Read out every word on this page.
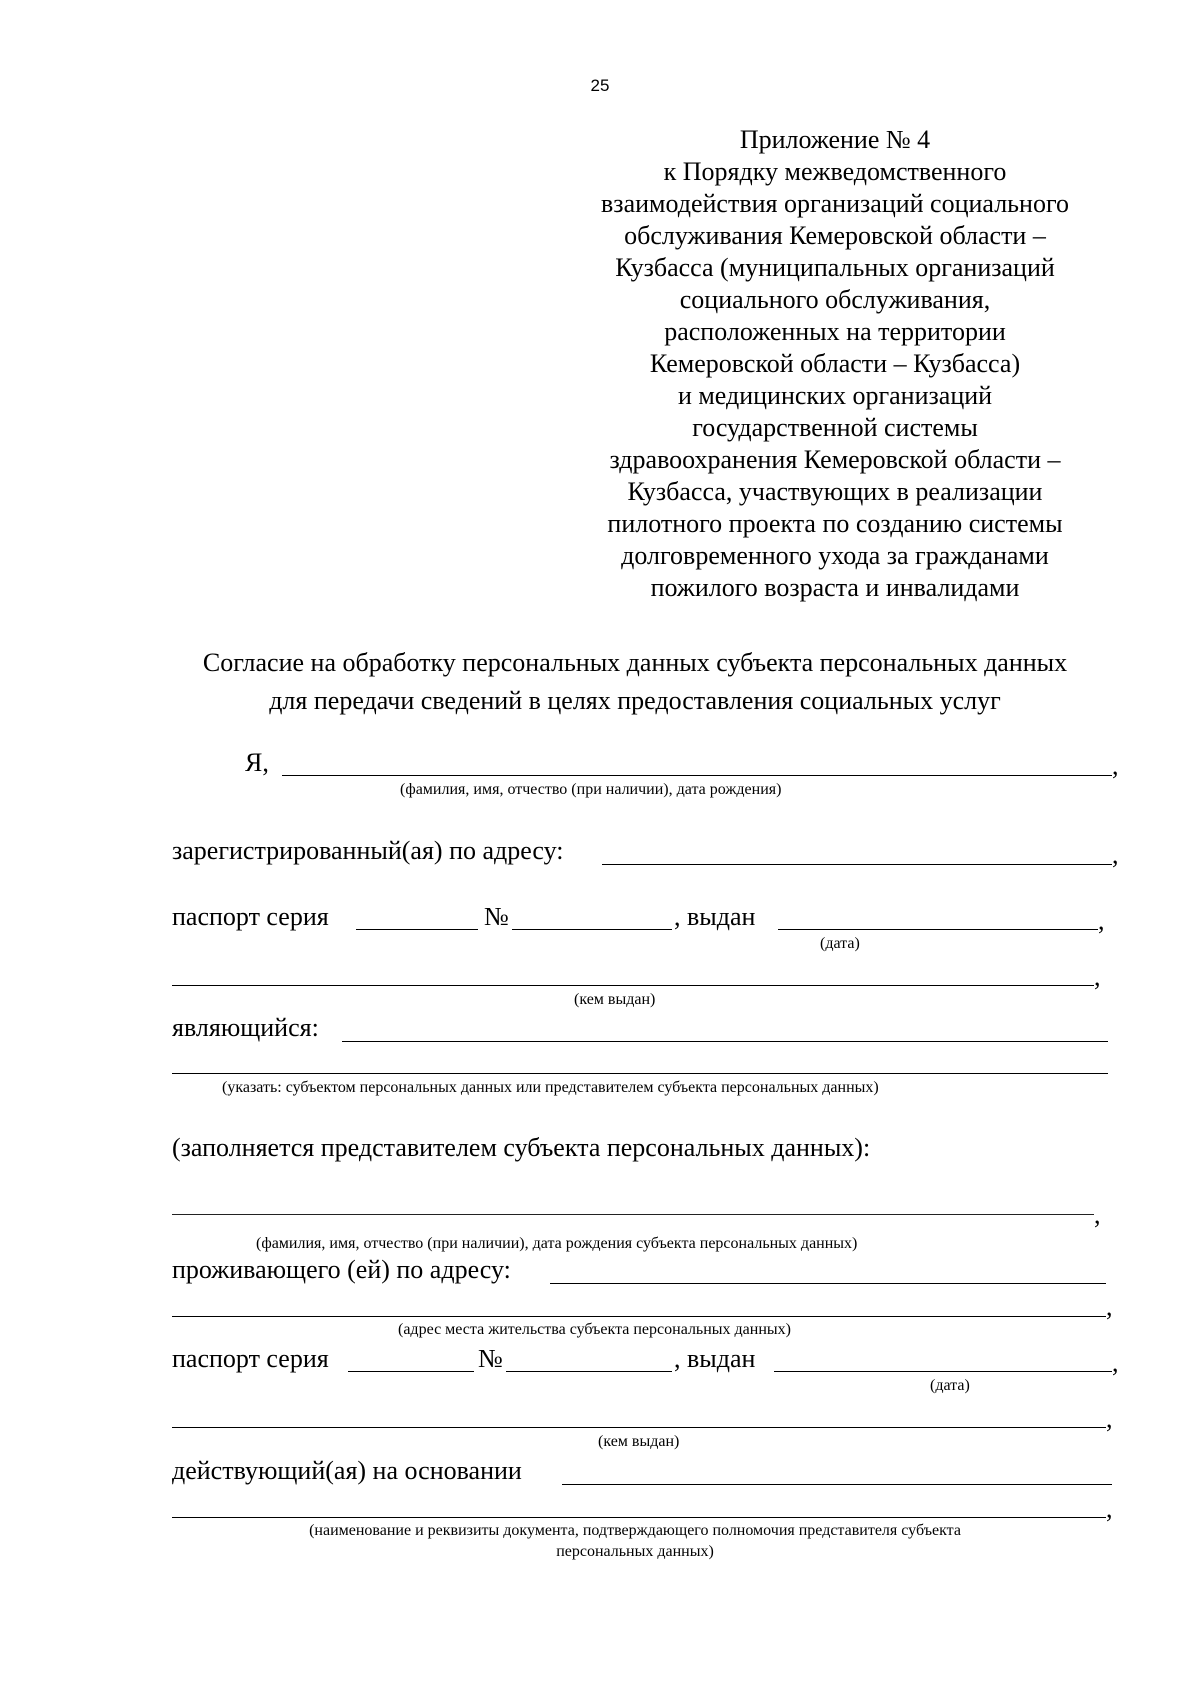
25
Приложение № 4
к Порядку межведомственного
взаимодействия организаций социального
обслуживания Кемеровской области –
Кузбасса (муниципальных организаций
социального обслуживания,
расположенных на территории
Кемеровской области – Кузбасса)
и медицинских организаций
государственной системы
здравоохранения Кемеровской области –
Кузбасса, участвующих в реализации
пилотного проекта по созданию системы
долговременного ухода за гражданами
пожилого возраста и инвалидами
Согласие на обработку персональных данных субъекта персональных данных
для передачи сведений в целях предоставления социальных услуг
Я,	,
(фамилия, имя, отчество (при наличии), дата рождения)
зарегистрированный(ая) по адресу:	,
паспорт серия	№	, выдан	,
(дата)
,
(кем выдан)
являющийся:
(указать: субъектом персональных данных или представителем субъекта персональных данных)
(заполняется представителем субъекта персональных данных):
,
(фамилия, имя, отчество (при наличии), дата рождения субъекта персональных данных)
проживающего (ей) по адресу:
,
(адрес места жительства субъекта персональных данных)
паспорт серия	№	, выдан	,
(дата)
,
(кем выдан)
действующий(ая) на основании
,
(наименование и реквизиты документа, подтверждающего полномочия представителя субъекта
персональных данных)
